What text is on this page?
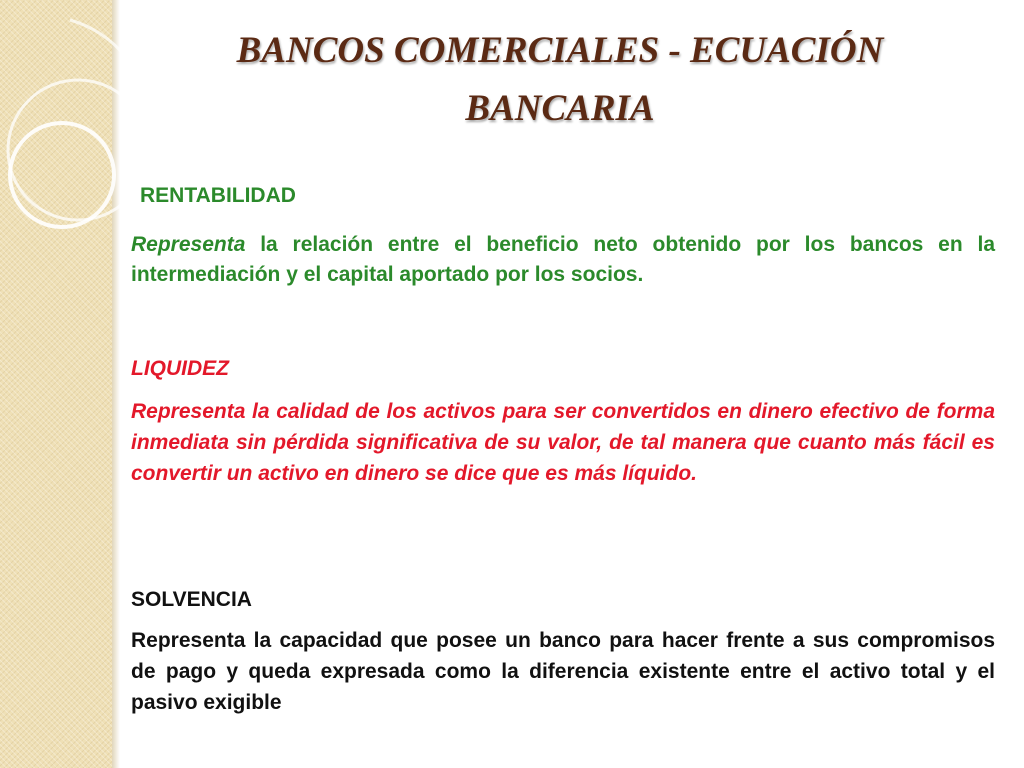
BANCOS COMERCIALES - ECUACIÓN BANCARIA

RENTABILIDAD

Representa la relación entre el beneficio neto obtenido por los bancos en la intermediación y el capital aportado por los socios.

LIQUIDEZ

Representa la calidad de los activos para ser convertidos en dinero efectivo de forma inmediata sin pérdida significativa de su valor, de tal manera que cuanto más fácil es convertir un activo en dinero se dice que es más líquido.

SOLVENCIA

Representa la capacidad que posee un banco para hacer frente a sus compromisos de pago y queda expresada como la diferencia existente entre el activo total y el pasivo exigible
